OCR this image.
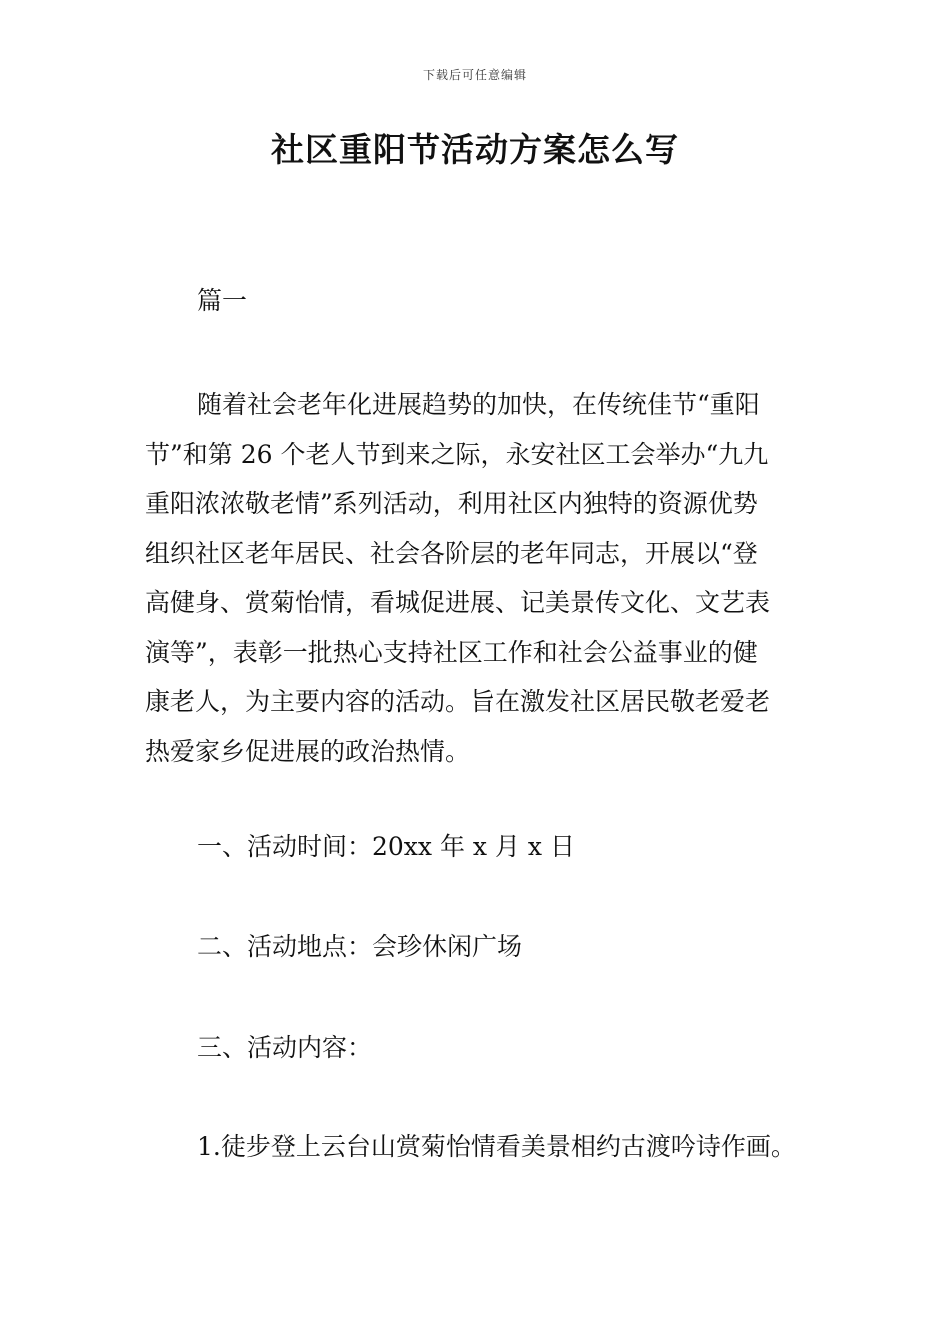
下载后可任意编辑
社区重阳节活动方案怎么写

篇一

随着社会老年化进展趋势的加快，在传统佳节“重阳
节”和第 26 个老人节到来之际，永安社区工会举办“九九
重阳浓浓敬老情”系列活动，利用社区内独特的资源优势
组织社区老年居民、社会各阶层的老年同志，开展以“登
高健身、赏菊怡情，看城促进展、记美景传文化、文艺表
演等”，表彰一批热心支持社区工作和社会公益事业的健
康老人，为主要内容的活动。旨在激发社区居民敬老爱老
热爱家乡促进展的政治热情。

一、活动时间：20xx 年 x 月 x 日

二、活动地点：会珍休闲广场

三、活动内容：

1.徒步登上云台山赏菊怡情看美景相约古渡吟诗作画。
